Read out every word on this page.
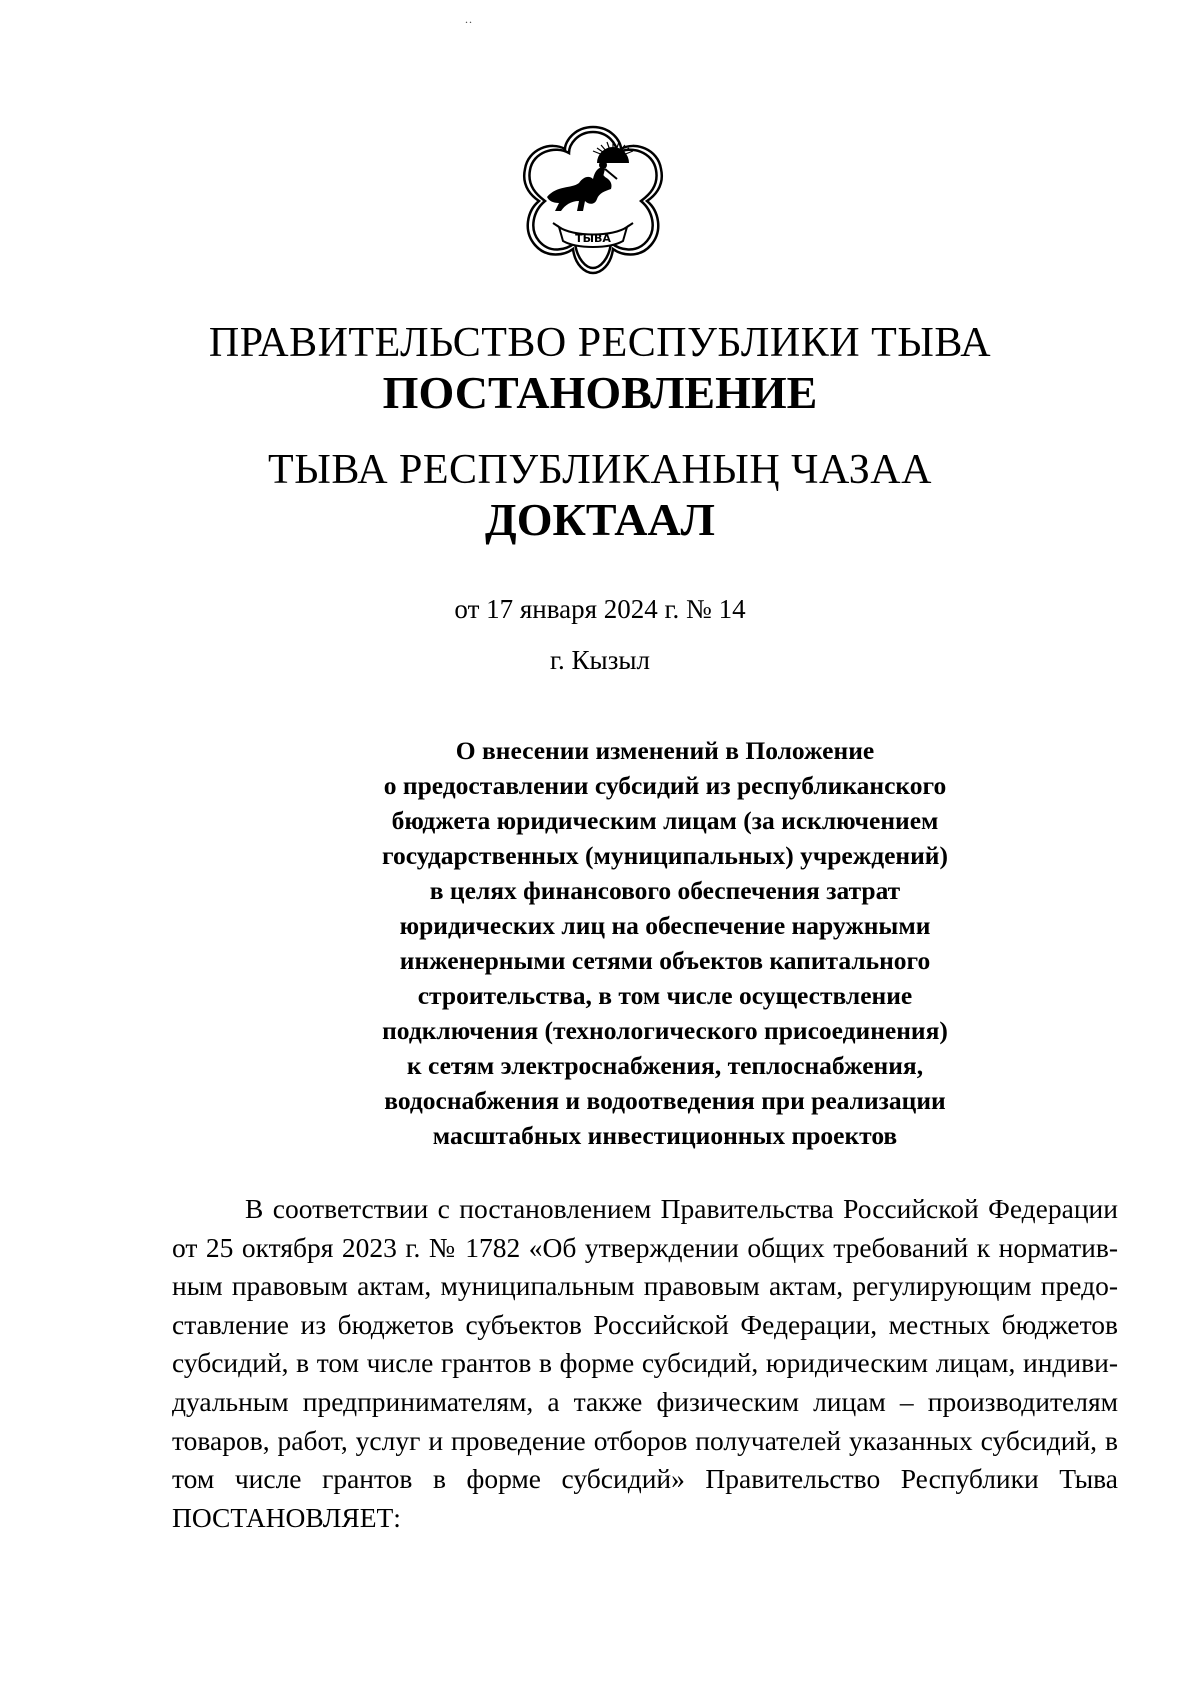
..
ТЫВА
ПРАВИТЕЛЬСТВО РЕСПУБЛИКИ ТЫВА
ПОСТАНОВЛЕНИЕ
ТЫВА РЕСПУБЛИКАНЫҢ ЧАЗАА
ДОКТААЛ
от 17 января 2024 г. № 14
г. Кызыл
О внесении изменений в Положение
о предоставлении субсидий из республиканского
бюджета юридическим лицам (за исключением
государственных (муниципальных) учреждений)
в целях финансового обеспечения затрат
юридических лиц на обеспечение наружными
инженерными сетями объектов капитального
строительства, в том числе осуществление
подключения (технологического присоединения)
к сетям электроснабжения, теплоснабжения,
водоснабжения и водоотведения при реализации
масштабных инвестиционных проектов
В соответствии с постановлением Правительства Российской Федерации
от 25 октября 2023 г. № 1782 «Об утверждении общих требований к норматив-
ным правовым актам, муниципальным правовым актам, регулирующим предо-
ставление из бюджетов субъектов Российской Федерации, местных бюджетов
субсидий, в том числе грантов в форме субсидий, юридическим лицам, индиви-
дуальным предпринимателям, а также физическим лицам – производителям
товаров, работ, услуг и проведение отборов получателей указанных субсидий, в
том числе грантов в форме субсидий» Правительство Республики Тыва
ПОСТАНОВЛЯЕТ:
